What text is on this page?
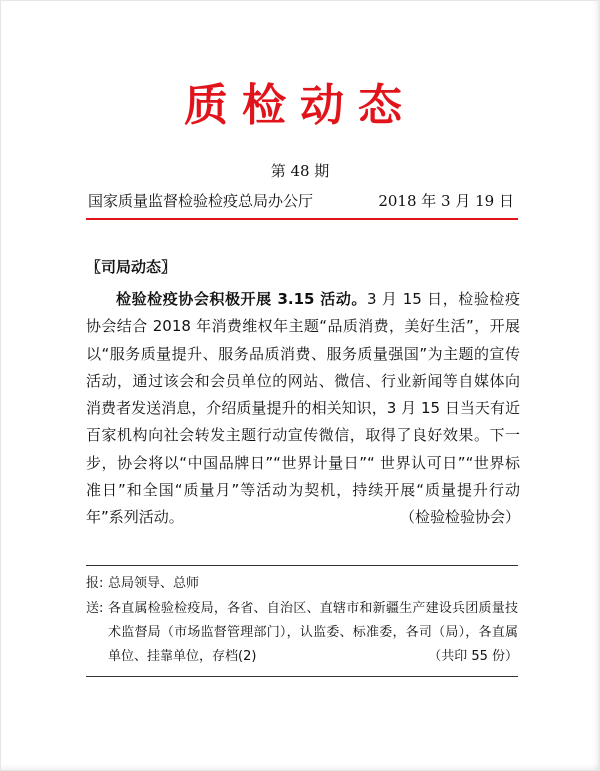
质检动态
第 48 期
国家质量监督检验检疫总局办公厅	2018 年 3 月 19 日
〖司局动态〗

检验检疫协会积极开展 3.15 活动。3 月 15 日，检验检疫协会结合 2018 年消费维权年主题“品质消费，美好生活”，开展以“服务质量提升、服务品质消费、服务质量强国”为主题的宣传活动，通过该会和会员单位的网站、微信、行业新闻等自媒体向消费者发送消息，介绍质量提升的相关知识，3 月 15 日当天有近百家机构向社会转发主题行动宣传微信，取得了良好效果。下一步，协会将以“中国品牌日”“世界计量日”“ 世界认可日”“世界标准日”和全国“质量月”等活动为契机，持续开展“质量提升行动年”系列活动。	（检验检验协会）

报: 总局领导、总师
送: 各直属检验检疫局，各省、自治区、直辖市和新疆生产建设兵团质量技术监督局（市场监督管理部门），认监委、标准委，各司（局），各直属单位、挂靠单位，存档(2)	（共印 55 份）
